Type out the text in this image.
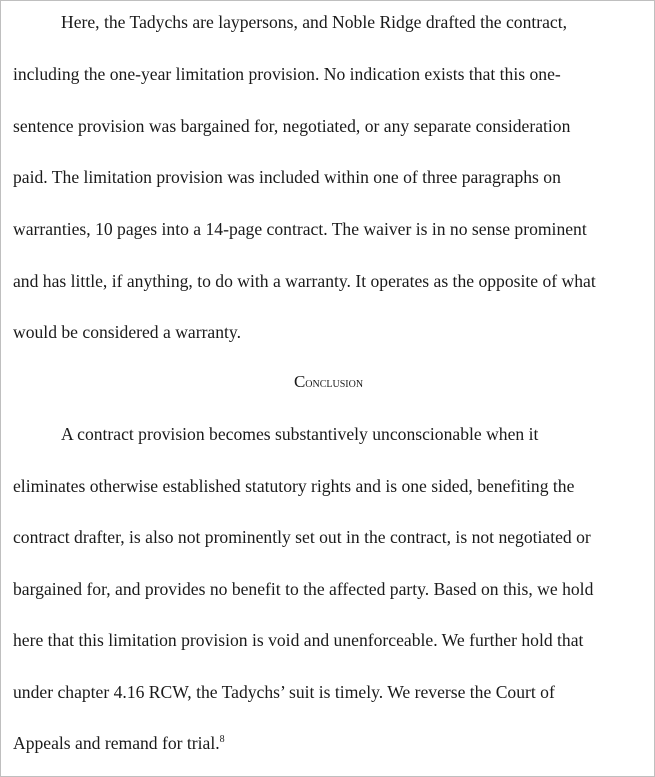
Here, the Tadychs are laypersons, and Noble Ridge drafted the contract,
including the one-year limitation provision. No indication exists that this one-
sentence provision was bargained for, negotiated, or any separate consideration
paid. The limitation provision was included within one of three paragraphs on
warranties, 10 pages into a 14-page contract. The waiver is in no sense prominent
and has little, if anything, to do with a warranty. It operates as the opposite of what
would be considered a warranty.
Conclusion
A contract provision becomes substantively unconscionable when it
eliminates otherwise established statutory rights and is one sided, benefiting the
contract drafter, is also not prominently set out in the contract, is not negotiated or
bargained for, and provides no benefit to the affected party. Based on this, we hold
here that this limitation provision is void and unenforceable. We further hold that
under chapter 4.16 RCW, the Tadychs’ suit is timely. We reverse the Court of
Appeals and remand for trial.$^8$
